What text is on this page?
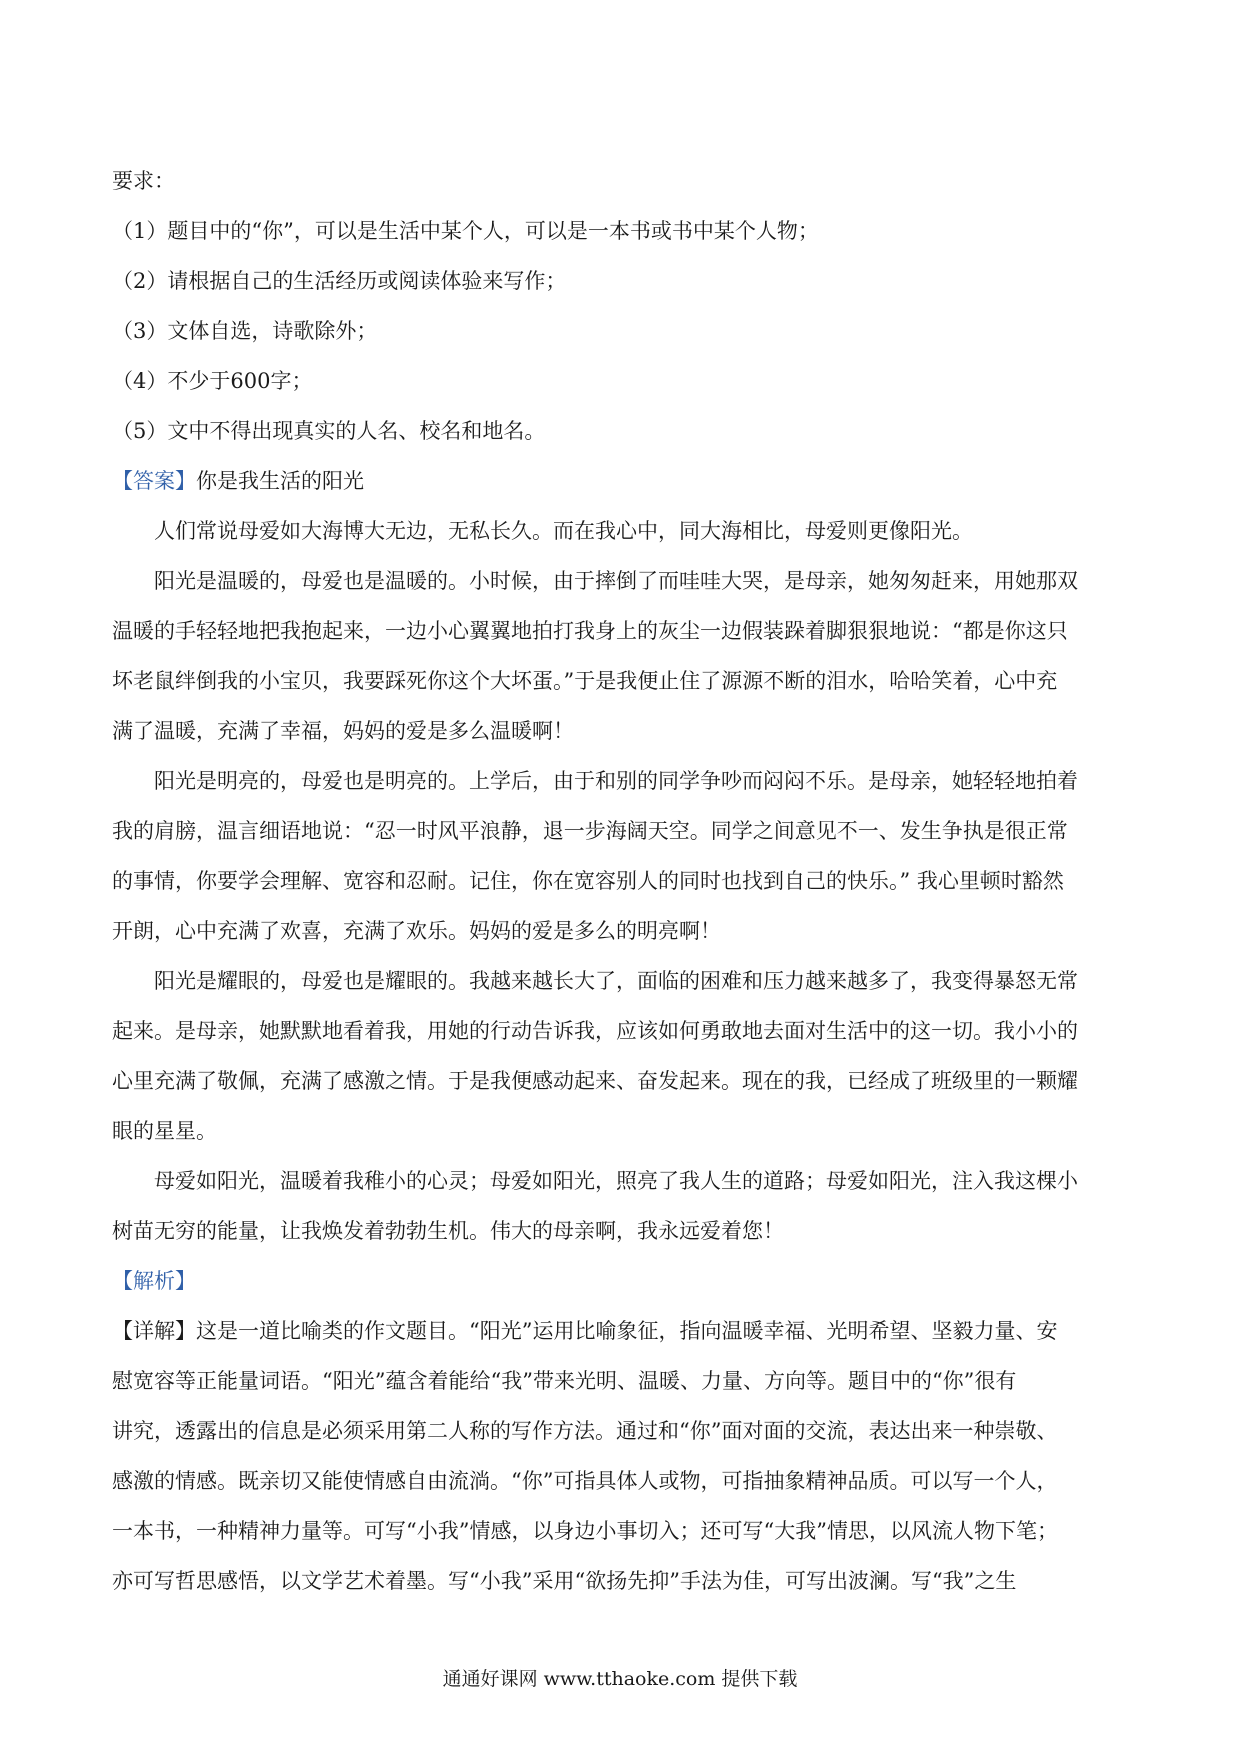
要求：
（1）题目中的“你”，可以是生活中某个人，可以是一本书或书中某个人物；
（2）请根据自己的生活经历或阅读体验来写作；
（3）文体自选，诗歌除外；
（4）不少于600字；
（5）文中不得出现真实的人名、校名和地名。
【答案】你是我生活的阳光
人们常说母爱如大海博大无边，无私长久。而在我心中，同大海相比，母爱则更像阳光。
阳光是温暖的，母爱也是温暖的。小时候，由于摔倒了而哇哇大哭，是母亲，她匆匆赶来，用她那双
温暖的手轻轻地把我抱起来，一边小心翼翼地拍打我身上的灰尘一边假装跺着脚狠狠地说：“都是你这只
坏老鼠绊倒我的小宝贝，我要踩死你这个大坏蛋。”于是我便止住了源源不断的泪水，哈哈笑着，心中充
满了温暖，充满了幸福，妈妈的爱是多么温暖啊！
阳光是明亮的，母爱也是明亮的。上学后，由于和别的同学争吵而闷闷不乐。是母亲，她轻轻地拍着
我的肩膀，温言细语地说：“忍一时风平浪静，退一步海阔天空。同学之间意见不一、发生争执是很正常
的事情，你要学会理解、宽容和忍耐。记住，你在宽容别人的同时也找到自己的快乐。” 我心里顿时豁然
开朗，心中充满了欢喜，充满了欢乐。妈妈的爱是多么的明亮啊！
阳光是耀眼的，母爱也是耀眼的。我越来越长大了，面临的困难和压力越来越多了，我变得暴怒无常
起来。是母亲，她默默地看着我，用她的行动告诉我，应该如何勇敢地去面对生活中的这一切。我小小的
心里充满了敬佩，充满了感激之情。于是我便感动起来、奋发起来。现在的我，已经成了班级里的一颗耀
眼的星星。
母爱如阳光，温暖着我稚小的心灵；母爱如阳光，照亮了我人生的道路；母爱如阳光，注入我这棵小
树苗无穷的能量，让我焕发着勃勃生机。伟大的母亲啊，我永远爱着您！
【解析】
【详解】这是一道比喻类的作文题目。“阳光”运用比喻象征，指向温暖幸福、光明希望、坚毅力量、安
慰宽容等正能量词语。“阳光”蕴含着能给“我”带来光明、温暖、力量、方向等。题目中的“你”很有
讲究，透露出的信息是必须采用第二人称的写作方法。通过和“你”面对面的交流，表达出来一种崇敬、
感激的情感。既亲切又能使情感自由流淌。“你”可指具体人或物，可指抽象精神品质。可以写一个人，
一本书，一种精神力量等。可写“小我”情感，以身边小事切入；还可写“大我”情思，以风流人物下笔；
亦可写哲思感悟，以文学艺术着墨。写“小我”采用“欲扬先抑”手法为佳，可写出波澜。写“我”之生
通通好课网 www.tthaoke.com 提供下载
